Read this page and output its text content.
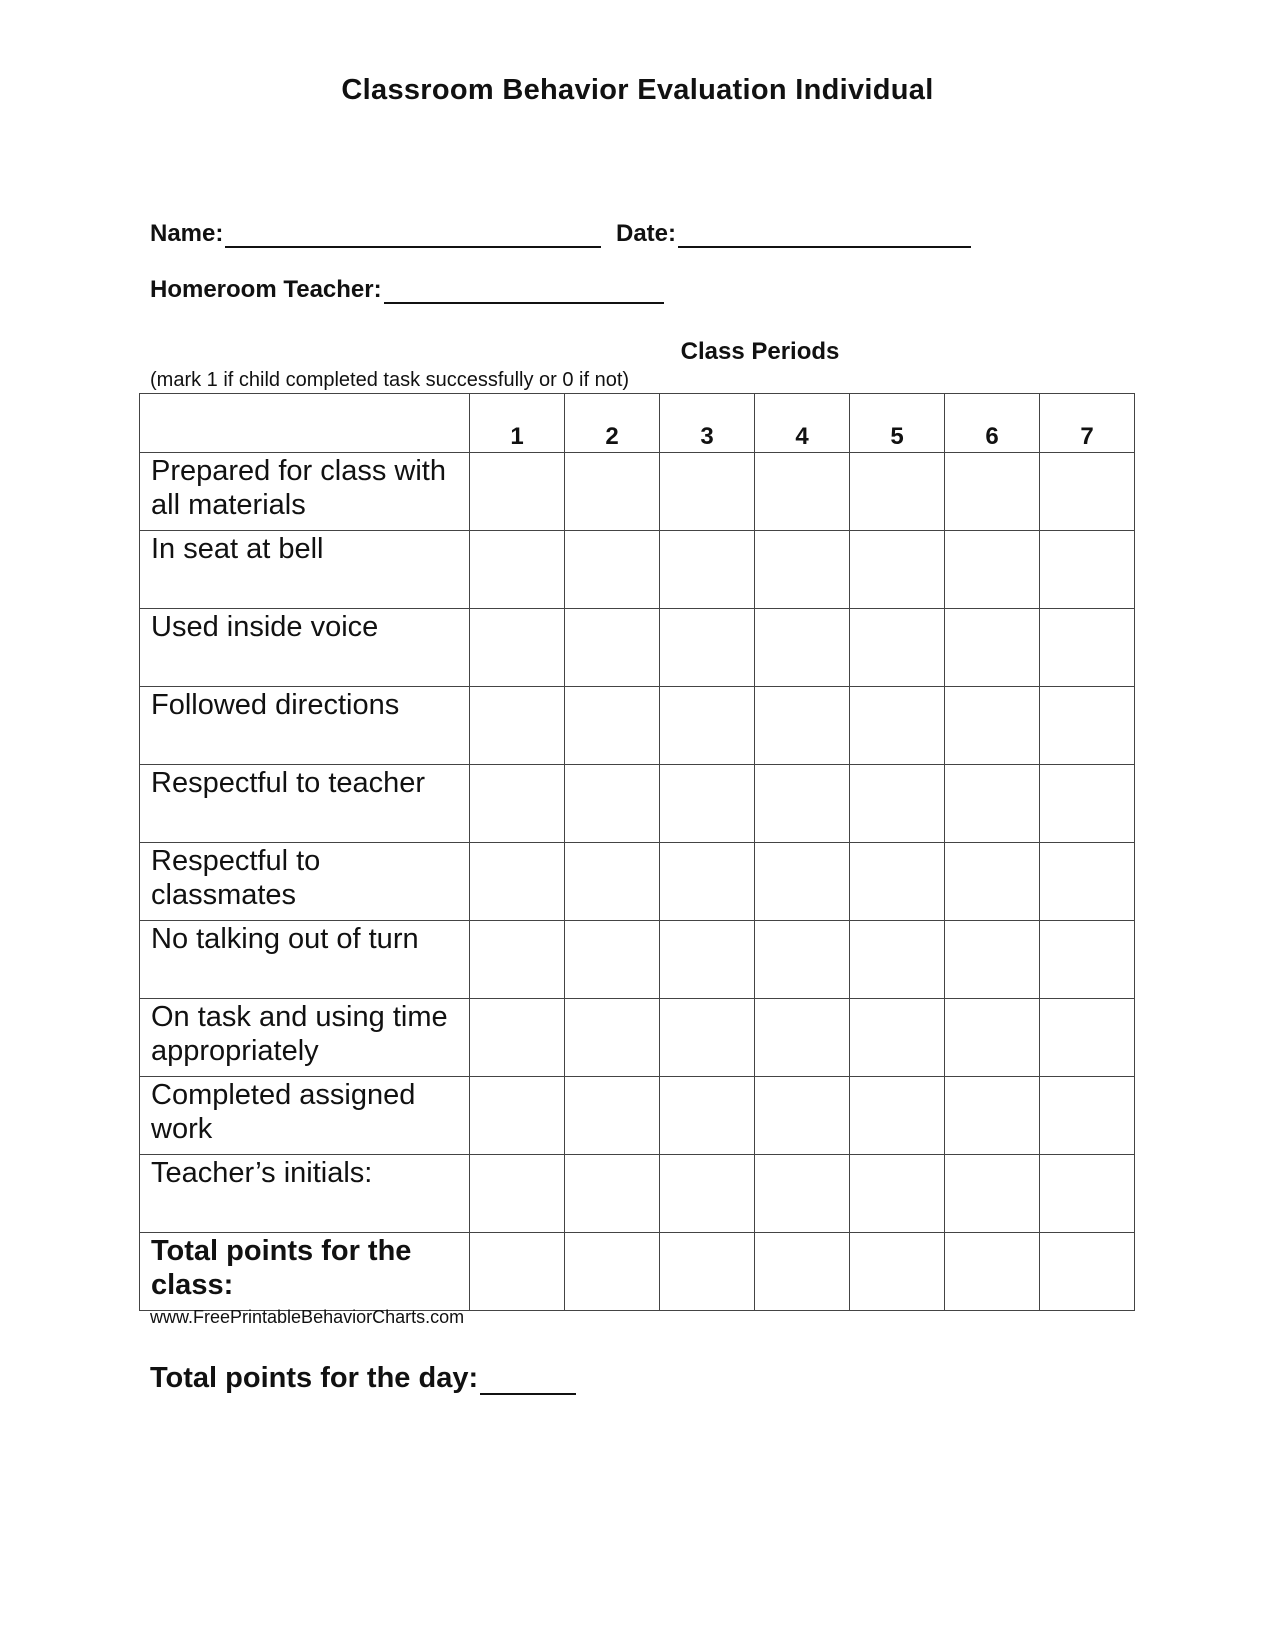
Classroom Behavior Evaluation Individual
Name:	Date:
Homeroom Teacher:
Class Periods
(mark 1 if child completed task successfully or 0 if not)
	1	2	3	4	5	6	7
Prepared for class with all materials							
In seat at bell							
Used inside voice							
Followed directions							
Respectful to teacher							
Respectful to classmates							
No talking out of turn							
On task and using time appropriately							
Completed assigned work							
Teacher’s initials:							
Total points for the class:							
www.FreePrintableBehaviorCharts.com
Total points for the day:
